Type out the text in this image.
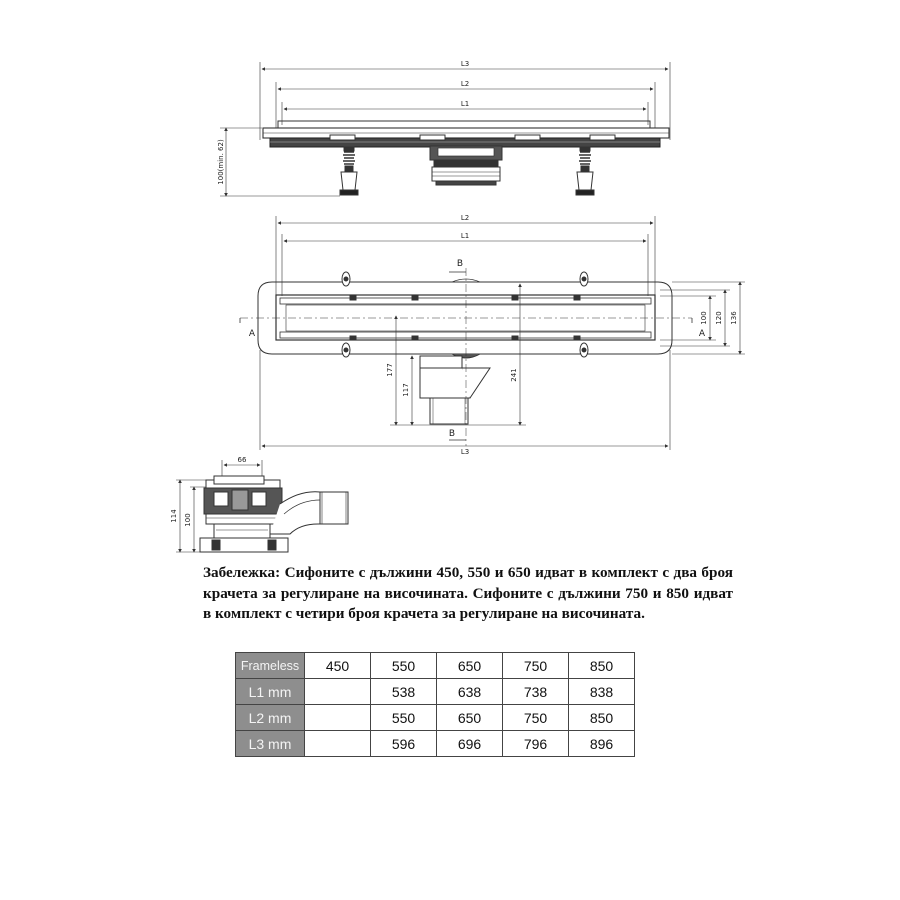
L3
L2
L1
100(min. 62)
L2
L1
L3
A	A
B
B
177
117
241
100 120 136
66
114 100

Забележка: Сифоните с дължини 450, 550 и 650 идват в комплект с два броя крачета за регулиране на височината. Сифоните с дължини 750 и 850 идват в комплект с четири броя крачета за регулиране на височината.

Frameless	450	550	650	750	850
L1 mm		538	638	738	838
L2 mm		550	650	750	850
L3 mm		596	696	796	896
